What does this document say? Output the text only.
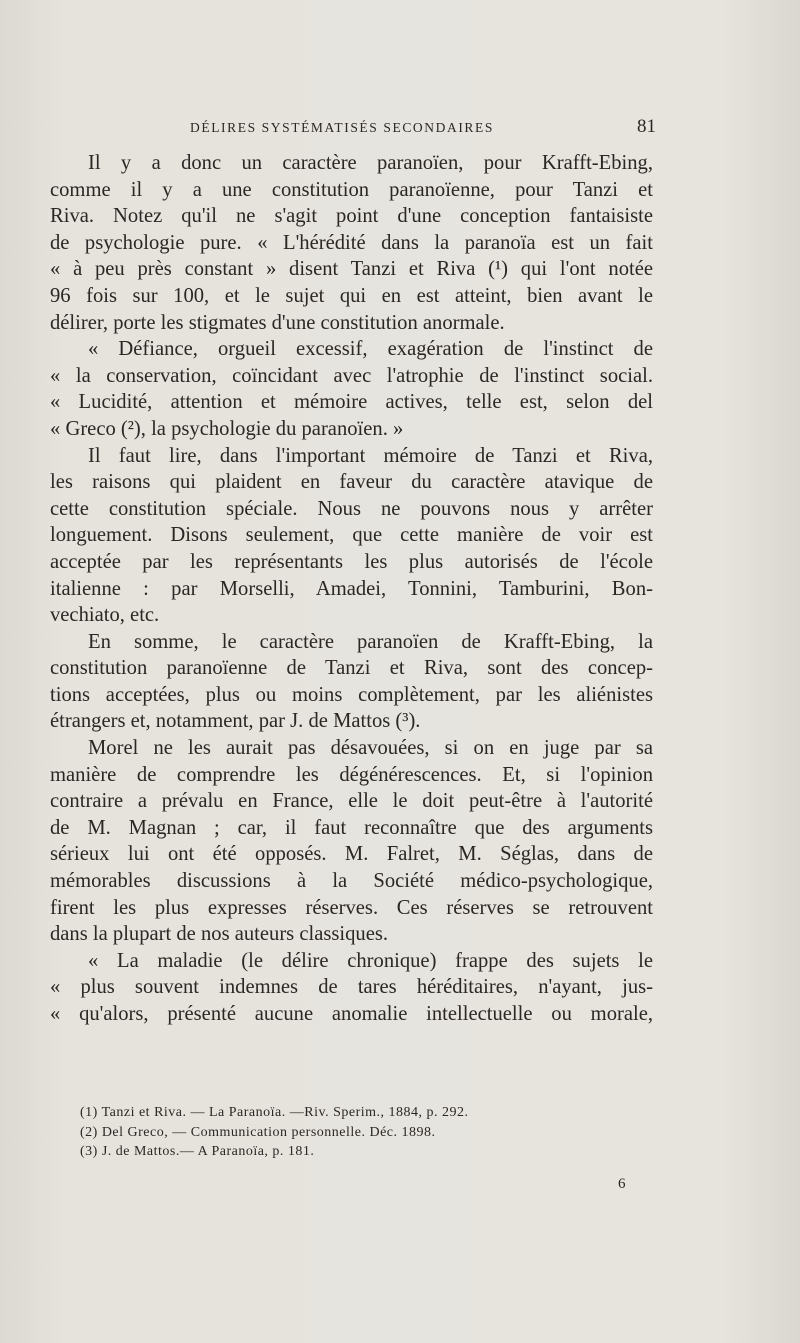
DÉLIRES SYSTÉMATISÉS SECONDAIRES	81
Il y a donc un caractère paranoïen, pour Krafft-Ebing,
comme il y a une constitution paranoïenne, pour Tanzi et
Riva. Notez qu'il ne s'agit point d'une conception fantaisiste
de psychologie pure. « L'hérédité dans la paranoïa est un fait
« à peu près constant » disent Tanzi et Riva (¹) qui l'ont notée
96 fois sur 100, et le sujet qui en est atteint, bien avant le
délirer, porte les stigmates d'une constitution anormale.
« Défiance, orgueil excessif, exagération de l'instinct de
« la conservation, coïncidant avec l'atrophie de l'instinct social.
« Lucidité, attention et mémoire actives, telle est, selon del
« Greco (²), la psychologie du paranoïen. »
Il faut lire, dans l'important mémoire de Tanzi et Riva,
les raisons qui plaident en faveur du caractère atavique de
cette constitution spéciale. Nous ne pouvons nous y arrêter
longuement. Disons seulement, que cette manière de voir est
acceptée par les représentants les plus autorisés de l'école
italienne : par Morselli, Amadei, Tonnini, Tamburini, Bon-
vechiato, etc.
En somme, le caractère paranoïen de Krafft-Ebing, la
constitution paranoïenne de Tanzi et Riva, sont des concep-
tions acceptées, plus ou moins complètement, par les aliénistes
étrangers et, notamment, par J. de Mattos (³).
Morel ne les aurait pas désavouées, si on en juge par sa
manière de comprendre les dégénérescences. Et, si l'opinion
contraire a prévalu en France, elle le doit peut-être à l'autorité
de M. Magnan ; car, il faut reconnaître que des arguments
sérieux lui ont été opposés. M. Falret, M. Séglas, dans de
mémorables discussions à la Société médico-psychologique,
firent les plus expresses réserves. Ces réserves se retrouvent
dans la plupart de nos auteurs classiques.
« La maladie (le délire chronique) frappe des sujets le
« plus souvent indemnes de tares héréditaires, n'ayant, jus-
« qu'alors, présenté aucune anomalie intellectuelle ou morale,
(1) Tanzi et Riva. — La Paranoïa. —Riv. Sperim., 1884, p. 292.
(2) Del Greco, — Communication personnelle. Déc. 1898.
(3) J. de Mattos.— A Paranoïa, p. 181.
6
